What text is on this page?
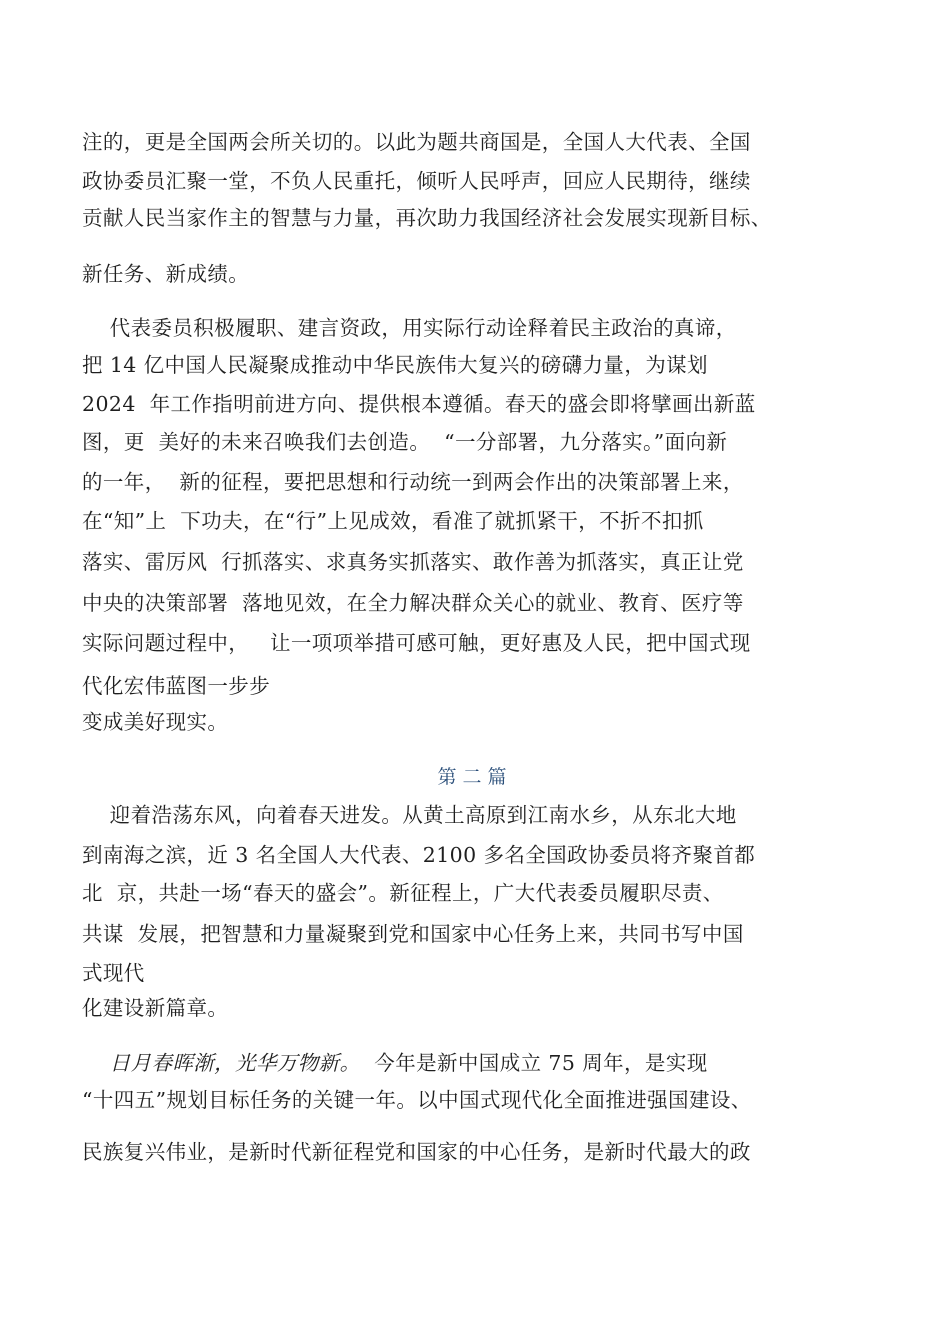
注的，更是全国两会所关切的。以此为题共商国是，全国人大代表、全国
政协委员汇聚一堂，不负人民重托，倾听人民呼声，回应人民期待，继续
贡献人民当家作主的智慧与力量，再次助力我国经济社会发展实现新目标、
新任务、新成绩。
代表委员积极履职、建言资政，用实际行动诠释着民主政治的真谛，
把 14 亿中国人民凝聚成推动中华民族伟大复兴的磅礴力量，为谋划
2024  年工作指明前进方向、提供根本遵循。春天的盛会即将擘画出新蓝
图，更  美好的未来召唤我们去创造。  “一分部署，九分落实。”面向新
的一年，  新的征程，要把思想和行动统一到两会作出的决策部署上来，
在“知”上  下功夫，在“行”上见成效，看准了就抓紧干，不折不扣抓
落实、雷厉风  行抓落实、求真务实抓落实、敢作善为抓落实，真正让党
中央的决策部署  落地见效，在全力解决群众关心的就业、教育、医疗等
实际问题过程中，   让一项项举措可感可触，更好惠及人民，把中国式现
代化宏伟蓝图一步步
变成美好现实。
第二篇
迎着浩荡东风，向着春天进发。从黄土高原到江南水乡，从东北大地
到南海之滨，近 3 名全国人大代表、2100 多名全国政协委员将齐聚首都
北  京，共赴一场“春天的盛会”。新征程上，广大代表委员履职尽责、
共谋  发展，把智慧和力量凝聚到党和国家中心任务上来，共同书写中国
式现代
化建设新篇章。
日月春晖渐，光华万物新。  今年是新中国成立 75 周年，是实现
“十四五”规划目标任务的关键一年。以中国式现代化全面推进强国建设、
民族复兴伟业，是新时代新征程党和国家的中心任务，是新时代最大的政
